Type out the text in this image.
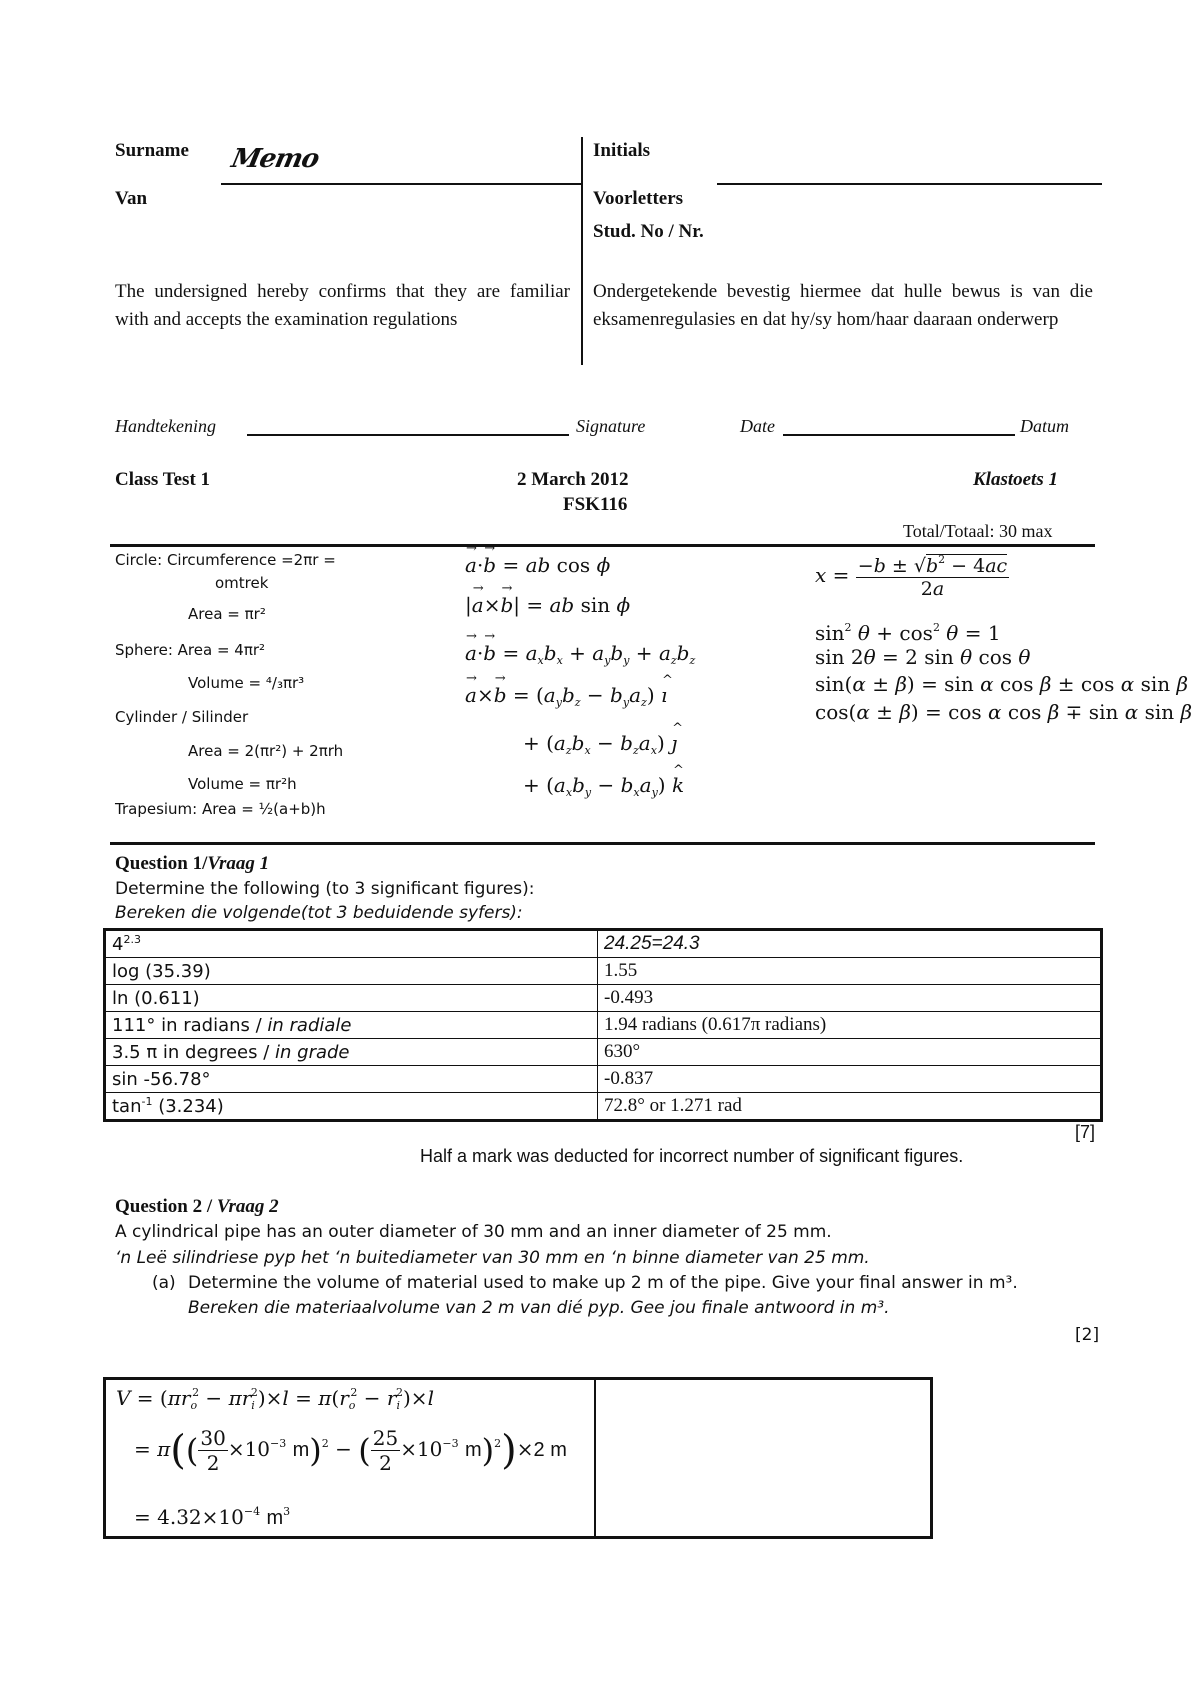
Surname Memo
Van
Initials
Voorletters
Stud. No / Nr.
The undersigned hereby confirms that they are familiar with and accepts the examination regulations
Ondergetekende bevestig hiermee dat hulle bewus is van die eksamenregulasies en dat hy/sy hom/haar daaraan onderwerp
Handtekening	Signature	Date	Datum
Class Test 1	2 March 2012
FSK116
Klastoets 1
Total/Totaal: 30 max
Circle: Circumference =2πr =
omtrek
Area = πr²
Sphere: Area = 4πr²
Volume = ⁴/₃πr³
Cylinder / Silinder
Area = 2(πr²) + 2πrh
Volume = πr²h
Trapesium: Area = ½(a+b)h
→ a·→ b = ab cos ϕ
|→ a×→ b| = ab sin ϕ
→ $a\cdot\to b = a_xb_x + a_yb_y + a_zb_z$
→ $a\times\to b = (a_yb_z - b_ya_z)$ ^ ı
+ $(a_zb_x - b_za_x)$ ^ ȷ
+ $(a_xb_y - b_xa_y)$ ^ k
$x = \frac{-b \pm √b^2 - 4ac}{2a}$
$\sin^2 \theta + \cos^2 \theta = 1$
sin 2θ = 2 sin θ cos θ
sin(α ± β) = sin α cos β ± cos α sin β
cos(α ± β) = cos α cos β ∓ sin α sin β
Question 1/Vraag 1
Determine the following (to 3 significant figures):
Bereken die volgende(tot 3 beduidende syfers):
$4^{2.3}$	24.25=24.3
log (35.39)	1.55
ln (0.611)	-0.493
111° in radians / in radiale	1.94 radians (0.617π radians)
3.5 π in degrees / in grade	630°
sin -56.78°	-0.837
$\tan^{-1} (3.234)$	72.8° or 1.271 rad
[7]
Half a mark was deducted for incorrect number of significant figures.
Question 2 / Vraag 2
A cylindrical pipe has an outer diameter of 30 mm and an inner diameter of 25 mm.
‘n Leë silindriese pyp het ‘n buitediameter van 30 mm en ‘n binne diameter van 25 mm.
(a) Determine the volume of material used to make up 2 m of the pipe. Give your final answer in m³.
Bereken die materiaalvolume van 2 m van dié pyp. Gee jou finale antwoord in m³.
[2]
$V = (\pi r_o^2 - \pi r_i^2)\times l = \pi(r_o^2 - r_i^2)\times l$
= $\pi(( \frac{30}{2} \times 10^{-3}$ m)$^2$ − ( $\frac{25}{2} \times 10^{-3}$ m)$^2$)×2 m
= $4.32\times 10^{-4}$ $m^3$
